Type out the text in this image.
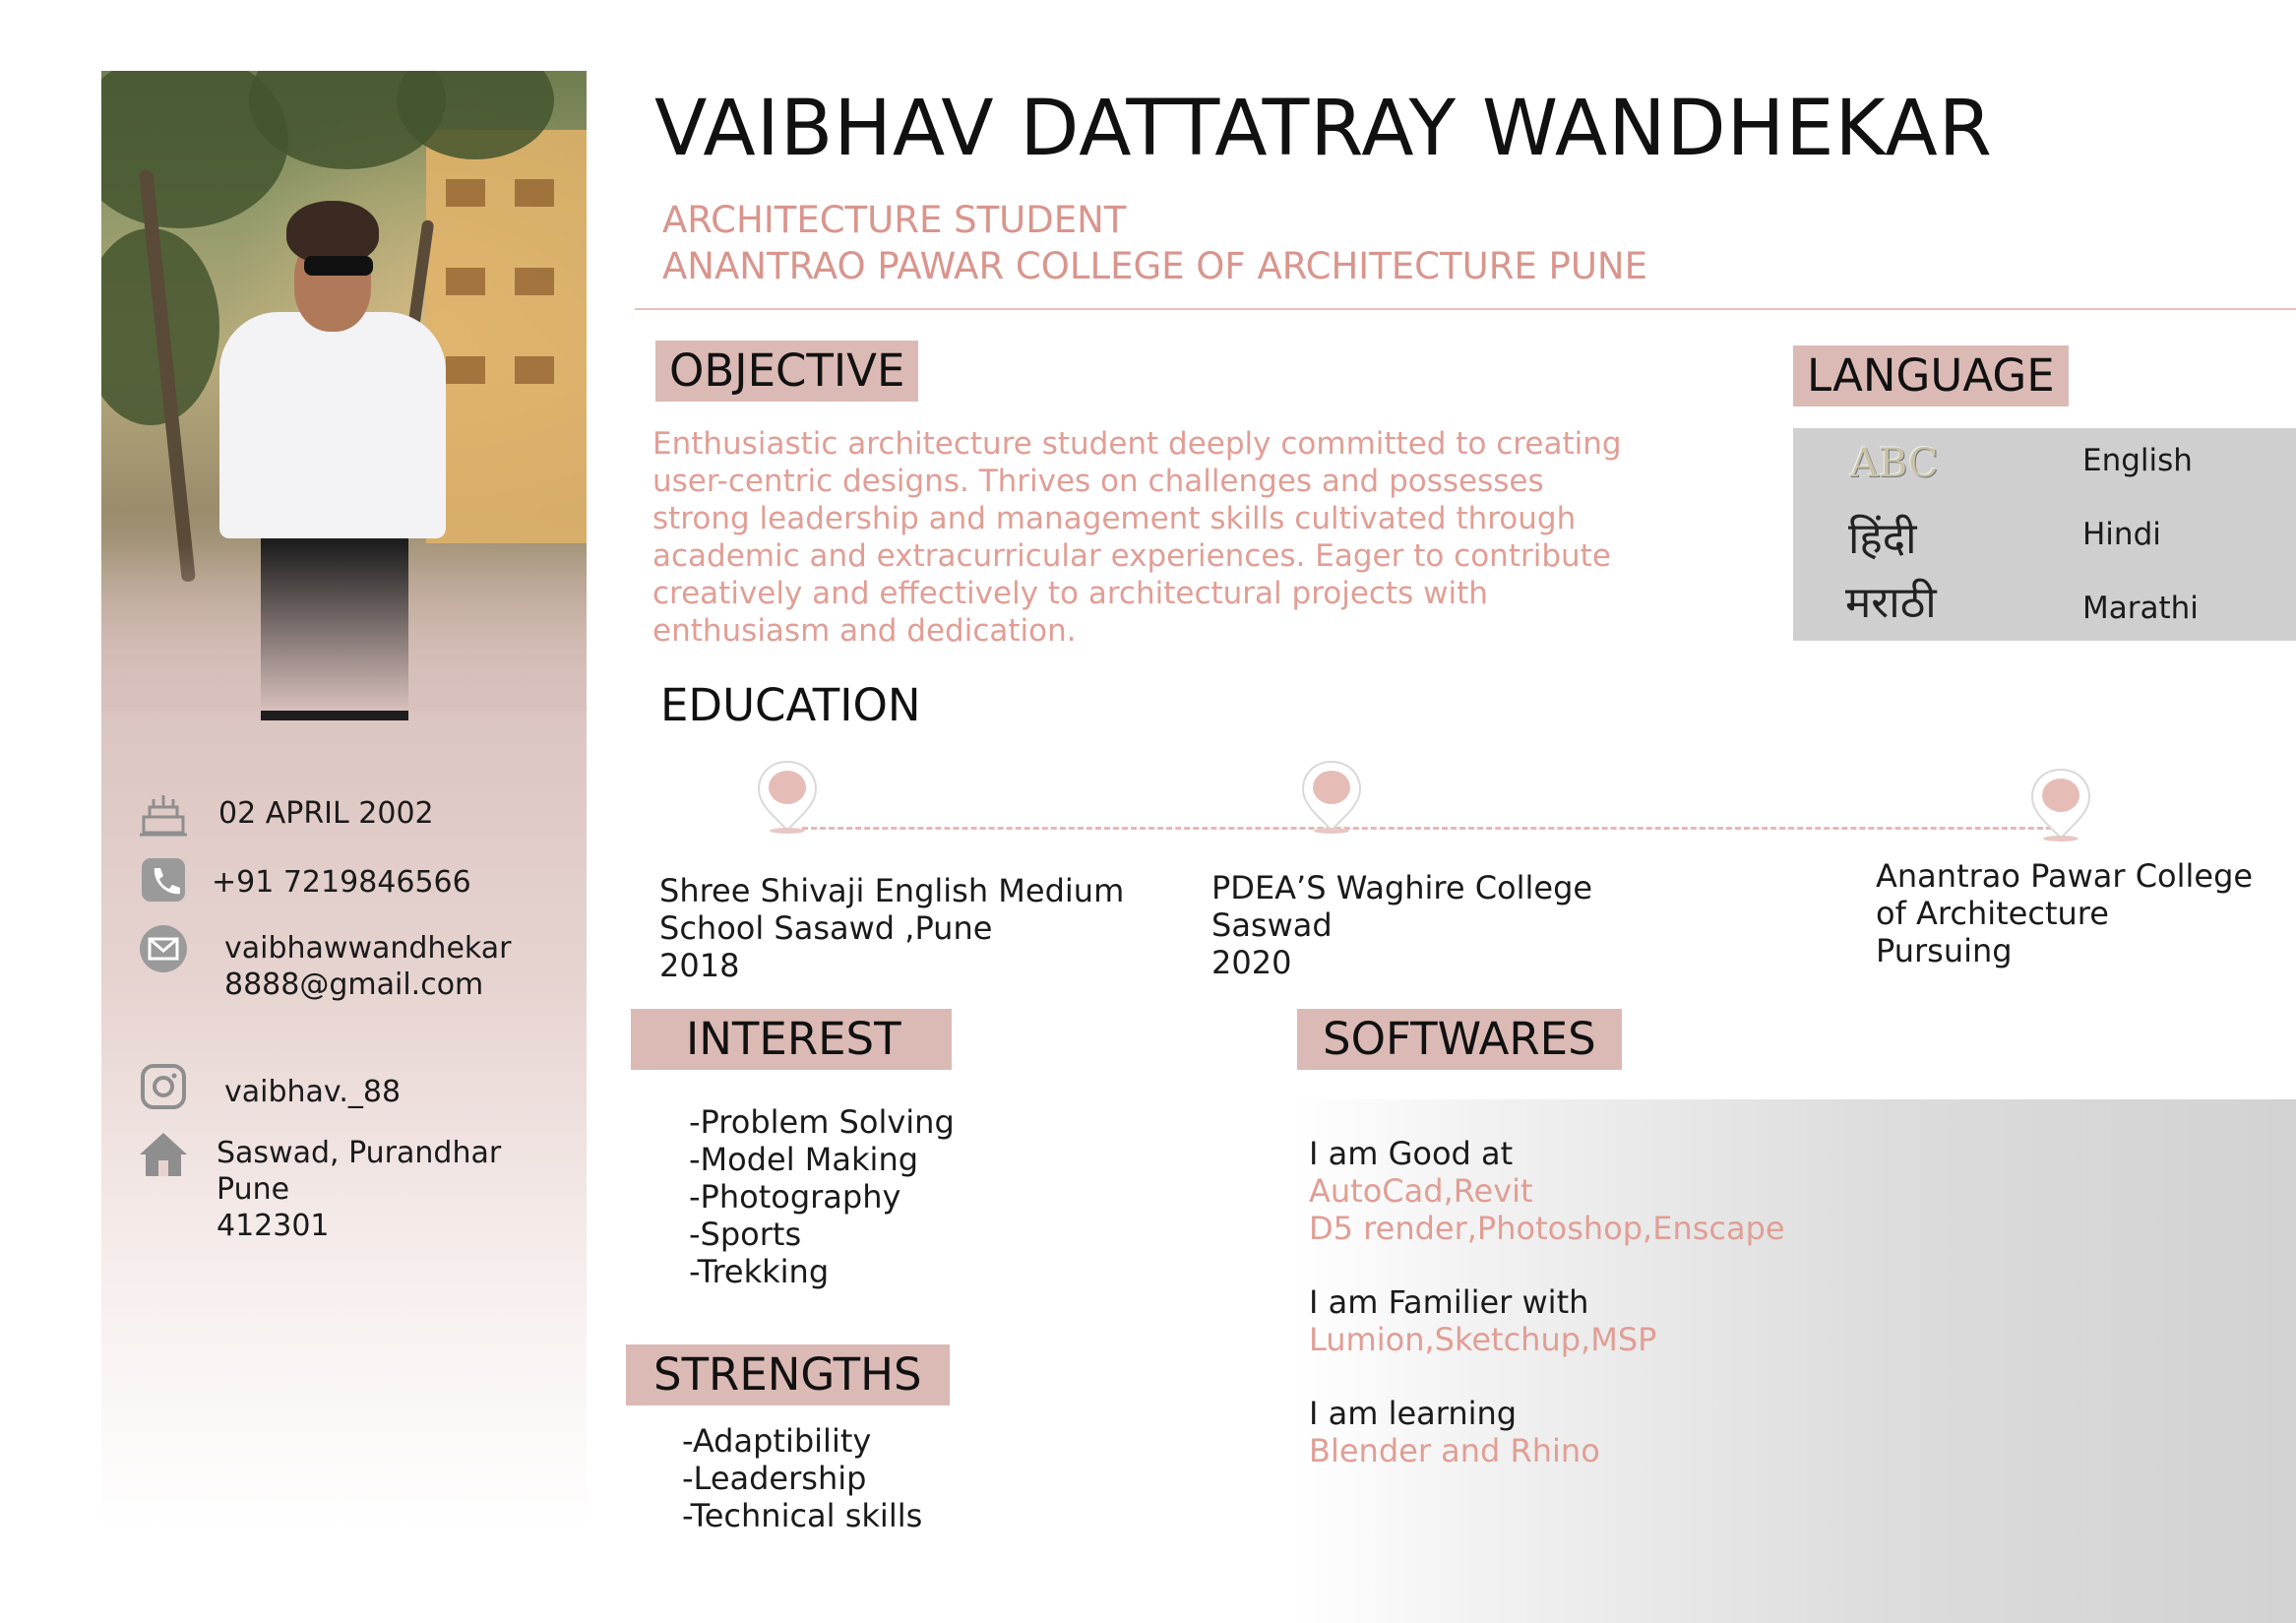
02 APRIL 2002
+91 7219846566
vaibhawwandhekar
8888@gmail.com
vaibhav._88
Saswad, Purandhar
Pune
412301
VAIBHAV DATTATRAY WANDHEKAR
ARCHITECTURE STUDENT
ANANTRAO PAWAR COLLEGE OF ARCHITECTURE PUNE
OBJECTIVE
Enthusiastic architecture student deeply committed to creating user-centric designs. Thrives on challenges and possesses strong leadership and management skills cultivated through academic and extracurricular experiences. Eager to contribute creatively and effectively to architectural projects with enthusiasm and dedication.
LANGUAGE
ABC	English
हिंदी	Hindi
मराठी	Marathi
EDUCATION
Shree Shivaji English Medium
School Sasawd ,Pune
2018
PDEA’S Waghire College
Saswad
2020
Anantrao Pawar College
of Architecture
Pursuing
INTEREST
-Problem Solving
-Model Making
-Photography
-Sports
-Trekking
STRENGTHS
-Adaptibility
-Leadership
-Technical skills
SOFTWARES
I am Good at
AutoCad,Revit
D5 render,Photoshop,Enscape
I am Familier with
Lumion,Sketchup,MSP
I am learning
Blender and Rhino
